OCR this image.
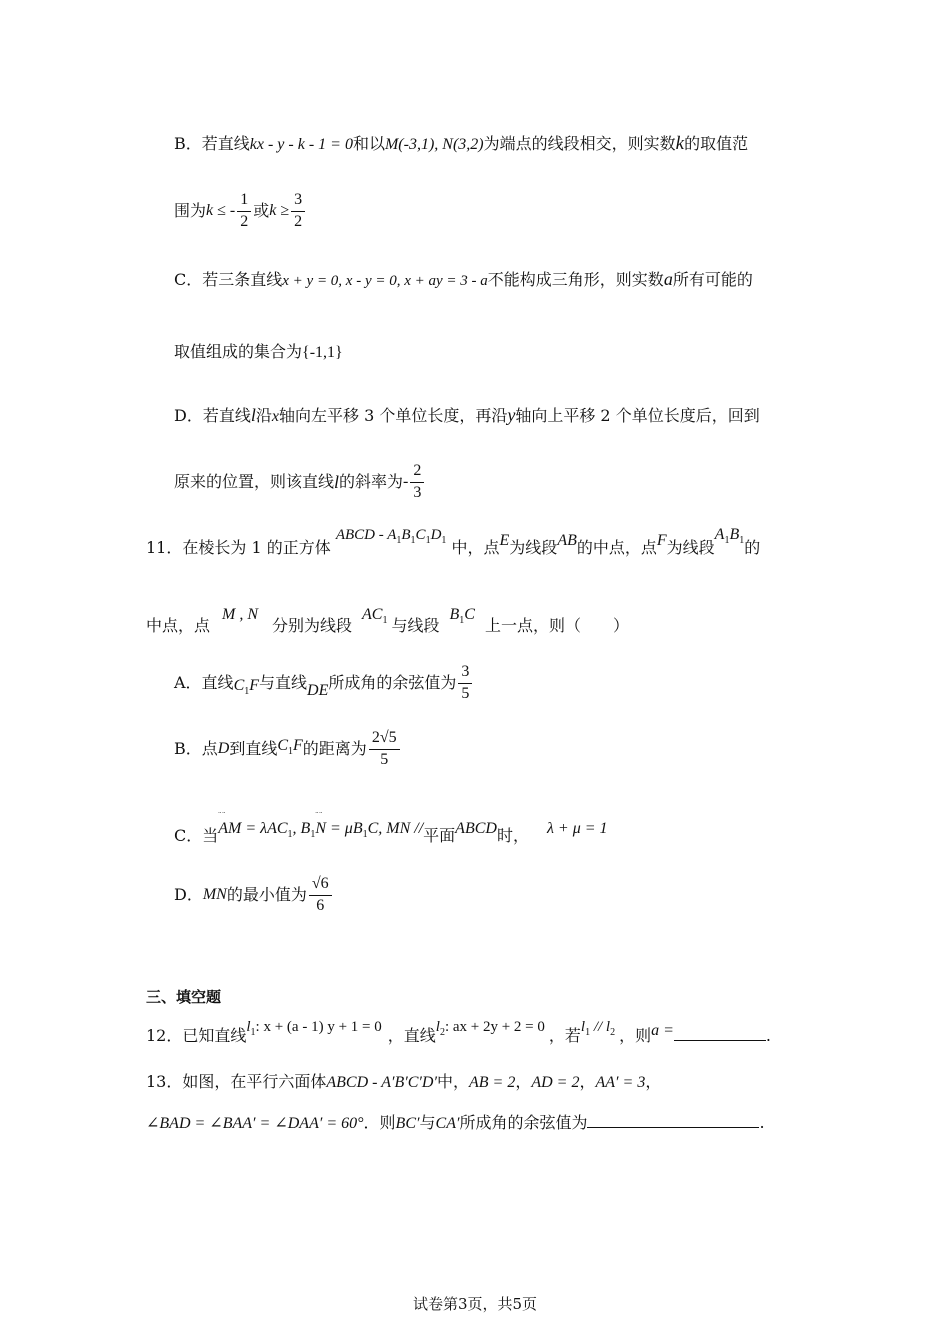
B．若直线kx - y - k - 1 = 0和以M(-3,1), N(3,2)为端点的线段相交，则实数k的取值范
围为 k ≤ - $\frac{1}{2}$ 或 $k \ge \frac{3}{2}$
C．若三条直线x + y = 0, x - y = 0, x + ay = 3 - a不能构成三角形，则实数a所有可能的
取值组成的集合为{-1,1}
D．若直线l沿x轴向左平移 3 个单位长度，再沿y轴向上平移 2 个单位长度后，回到
原来的位置，则该直线 l 的斜率为 - $\frac{2}{3}$
11．在棱长为 1 的正方体 ABCD - $A_1B_1C_1D_1$ 中，点E为线段AB的中点，点F为线段$A_1B_1$的
中点，点M , N分别为线段$AC_1$ 与线段$B_1C$上一点，则（　　）
A．直线 $C_1F$ 与直线 DE 所成角的余弦值为 $\frac{3}{5}$
B．点 D 到直线 $C_1F$ 的距离为 $\frac{2√5}{5}$
C．当¨¨ AM = λAC$_1$, $B_1¨¨$ $N = \mu B_1C$, MN //平面ABCD时， λ + μ = 1
D． MN 的最小值为 $\frac{√6}{6}$
三、填空题
12．已知直线$l_1$: x + (a - 1) y + 1 = 0 ，直线$l_2$: ax + 2y + 2 = 0 ，若$l_1 // l_2$ ，则a =	.
13．如图，在平行六面体ABCD - A′B′C′D′中，AB = 2，AD = 2，AA′ = 3，
∠BAD = ∠BAA′ = ∠DAA′ = 60°．则BC′与CA′所成角的余弦值为	.
试卷第3页，共5页
